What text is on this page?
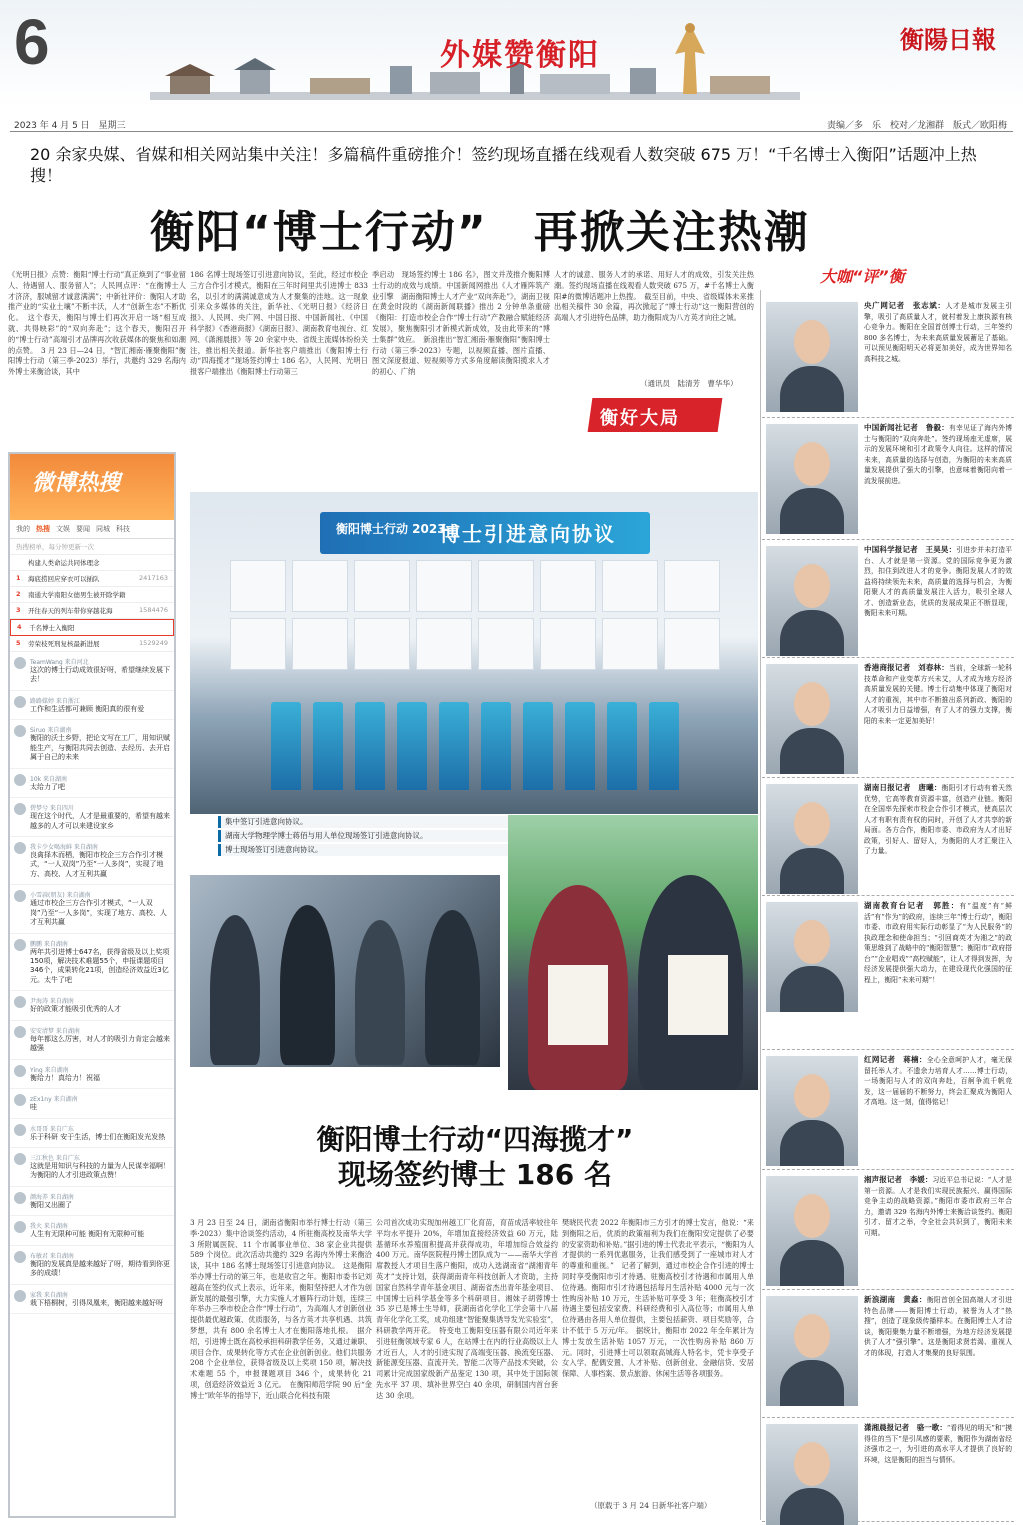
6	外媒赞衡阳	衡陽日報
2023 年 4 月 5 日　星期三	责编／多　乐　校对／龙湘群　版式／欧阳梅
20 余家央媒、省媒和相关网站集中关注！多篇稿件重磅推介！签约现场直播在线观看人数突破 675 万！“千名博士入衡阳”话题冲上热搜！
衡阳“博士行动”　再掀关注热潮
《光明日报》点赞：衡阳“博士行动”真正焕到了“事业留人、待遇留人、服务留人”；人民网点评：“在衡博士人才济济，服城留才诚意满满”；中新社评价：衡阳人才助推产业的“实业土壤”不断丰沃，人才“创新生态”不断优化。　这个春天，衡阳与博士们再次开启一场“相互成就、共得映彩”的“双向奔赴”；这个春天，衡阳召开的“博士行动”高端引才品牌再次收获媒体的聚焦和如潮的点赞。　3 月 23 日—24 日，“智汇湘南·雁聚衡阳”衡阳博士行动（第三季·2023）举行，共邀约 329 名海内外博士来衡洽谈，其中
186 名博士现场签订引进意向协议，至此，经过市校企三方合作引才模式，衡阳在三年时间里共引进博士 833 名，以引才的满满诚意成为人才聚集的洼地。这一现象引来众多媒体的关注，新华社、《光明日报》《经济日报》、人民网、央广网、中国日报、中国新闻社、《中国科学报》《香港商报》《湖南日报》、湖南教育电视台、红网、《潇湘晨报》等 20 余家中央、省级主流媒体纷纷关注，推出相关报道。新华社客户端推出《衡阳博士行动“四海揽才”现场签约博士 186 名》，人民网、光明日报客户端推出《衡阳博士行动第三
季启动　现场签约博士 186 名》，图文并茂推介衡阳博士行动的成效与成绩。中国新闻网推出《人才雁阵筑产业引擎　湖南衡阳博士人才产业“双向奔赴”》，湖南卫视在黄金时段的《湖南新闻联播》推出 2 分钟单条重磅《衡阳：打造市校企合作“博士行动”产教融合赋能经济发展》，聚焦衡阳引才新模式新成效，及由此带来的“博士集群”效应。　新浪推出“智汇湘南·雁聚衡阳”衡阳博士行动（第三季·2023）专题，以视频直播、图片直播、图文深度报道、短视频等方式多角度解读衡阳揽求人才的初心、广纳
人才的诚意、服务人才的承诺、用好人才的成效，引发关注热潮。签约现场直播在线观看人数突破 675 万，#千名博士入衡阳#的微博话题冲上热搜。　截至目前，中央、省级媒体未来推出相关稿件 30 余篇，再次掀起了“博士行动”这一衡阳营创的高端人才引进特色品牌，助力衡阳成为八方英才向往之城。
（通讯员　陆清芳　曹华华）
衡好大局
微博热搜
我的 热搜 文娱 要闻 同城 科技
热搜榜单，每分钟更新一次
构建人类命运共同体理念
1	海底捞回应穿衣可以插队	2417163
2	南通大学南阳女德男生被开除学籍
3	开往春天的列车带你穿越花海	1584476
4	千名博士入衡阳
5	劳荣枝死刑复核最新进展	1529249
TeamWang 来自河北
这次的博士行动成效很好呀，希望继续发展下去！
路路媒婷 来自浙江
工作和生活都可兼顾 衡阳真的很有爱
Siruo 来自湖南
衡阳的沃土乡野，把论文写在工厂，用知识赋能生产，与衡阳共同去创造、去经历、去开启属于自己的未来
10k 来自湖南
太给力了吧
碧梦兮 来自四川
现在这个时代，人才是最重要的，希望有越来越多的人才可以来建设家乡
我卡少女喝海鲜 来自湖南
良禽择木而栖，衡阳市校企三方合作引才模式，“一人双岗”乃至“一人多岗”，实现了地方、高校、人才互利共赢
小雪蒜(朋友) 来自湖南
通过市校企三方合作引才模式，“一人双岗”乃至“一人多岗”，实现了地方、高校、人才互利共赢
鹏鹏 来自湖南
两年共引进博士647名，获得省级及以上奖项150项，解决技术难题55个，申报课题项目346个，成果转化21项，创造经济效益近3亿元。太牛了吧
尹海涛 来自湖南
好的政策才能吸引优秀的人才
安安清梦 来自湖南
每年都这么厉害，对人才的吸引力肯定会越来越强
Ying 来自湖南
衡给力！真给力！祝福
zEx1ny 来自湖南
哇
水哥哥 来自广东
乐于科研 安于生活，博士们在衡阳发光发热
三江秋色 来自广东
这就是用知识与科技的力量为人民谋幸福啊！为衡阳的人才引进政策点赞！
颜海养 来自湖南
衡阳又出圈了
我火 来自湖南
人生有无限种可能 衡阳有无限种可能
布敏君 来自湖南
衡阳的发展真是越来越好了呀，期待看到你更多的成绩！
家我 来自湖南
栽下梧桐树，引得凤凰来，衡阳越来越好呀
衡阳博士行动 2023
博士引进意向协议
集中签订引进意向协议。
湖南大学物理学博士蒋佰与用人单位现场签订引进意向协议。
博士现场签订引进意向协议。
衡阳博士行动“四海揽才”
现场签约博士 186 名
3 月 23 日至 24 日，湖南省衡阳市举行博士行动（第三季·2023）集中洽谈签约活动，4 所驻衡高校及南华大学 3 所附属医院、11 个市属事业单位、38 家企业共提供 589 个岗位。此次活动共邀约 329 名海内外博士来衡洽谈，其中 186 名博士现场签订引进意向协议。　这是衡阳举办博士行动的第三年，也是收官之年。衡阳市委书记刘越高在签约仪式上表示，近年来，衡阳坚持把人才作为创新发展的最强引擎，大力实施人才雁阵行动计划，连续三年举办三季市校企合作“博士行动”，为高端人才创新创业提供最优越政策、优质服务，与各方英才共享机遇、共筑梦想，共有 800 余名博士人才在衡阳落地扎根。　据介绍，引进博士既在高校承担科研教学任务，又通过兼职、项目合作、成果转化等方式在企业创新创业。他们共服务 208 个企业单位，获得省级及以上奖项 150 项，解决技术难题 55 个，申报课题项目 346 个，成果转化 21 项，创造经济效益近 3 亿元。　在衡阳师范学院 90 后“金博士”欧年华的指导下，近山联合化科技有限
公司首次成功实现加州越工厂化育苗，育苗成活率较往年平均水平提升 20%，年增加直接经济效益 60 万元，陆基循环水养殖面积提高并获得成功，年增加综合效益约 400 万元。南华医院程丹博士团队成为一——南华大学首席教授人才项目生落户衡阳，成功入选湖南省“湖湘青年英才”支持计划，获得湖南青年科技创新人才资助，主持国家自然科学青年基金项目、湖南省杰出青年基金项目、中国博士后科学基金等多个科研项目。湘妹子胡蓉博士 35 岁已是博士生导师，获湖南省化学化工学会第十八届青年化学化工奖，成功组建“智能聚集诱导发光实验室”，科研教学两开花。　特变电工衡阳变压器有限公司近年来引进驻衡领域专家 6 人，在站博士在内的行业高级以上人才近百人，人才的引进实现了高端变压器、换流变压器、新能源变压器、直流开关、智能二次等产品技术突破，公司累计完成国家级新产品鉴定 130 项，其中处于国际领先水平 37 项、填补世界空白 40 余项，研制国内首台套达 30 余项。
樊晓民代表 2022 年衡阳市三方引才的博士发言，他说：“来到衡阳之后，优质的政策福利为我们在衡阳安定提供了必要的安家资助和补贴。”据引进的博士代表北平表示，“衡阳为人才提供的一系列优惠服务，让我们感受到了一座城市对人才的尊重和重视。”　记者了解到，通过市校企合作引进的博士同时享受衡阳市引才待遇、驻衡高校引才待遇和市属用人单位待遇。衡阳市引才待遇包括每月生活补贴 4000 元与一次性购房补贴 10 万元，生活补贴可享受 3 年；驻衡高校引才待遇主要包括安家费、科研经费和引入高位等；市属用人单位待遇由各用人单位提供，主要包括薪资、项目奖励等，合计不低于 5 万元/年。　据统计，衡阳市 2022 年全年累计为博士发放生活补贴 1057 万元，一次性购房补贴 860 万元。同时，引进博士可以领取高城海人特名卡，凭卡享受子女入学、配偶安置、人才补贴、创新创业、金融信贷、安居保障、人事档案、景点旅游、休闲生活等各项服务。
（原载于 3 月 24 日新华社客户端）
大咖“评”衡
央广网记者　张志斌：人才是城市发展主引擎，吸引了高质量人才，就村着发上康执源有核心竞争力。衡阳在全国首创博士行动，三年签约 800 多名博士，为未来高质量发展蓄足了基础。可以预见衡阳明天必将更加美好，成为世界知名高科技之城。
中国新闻社记者　鲁毅：有幸见证了海内外博士与衡阳的“双向奔赴”。签约现场座无虚席，展示的发展环境和引才政策令人向往。这样的情况未来，高质量的选择与创造，为衡阳的未来高质量发展提供了强大的引擎，也意味着衡阳向着一流发展前进。
中国科学报记者　王昊昊：引进步并未打造平台、人才就是第一资源。党的国际竞争更为激烈，扣住到改进人才的竞争。衡阳发展人才的效益将持续领先未来，高质量的选择与机会，为衡阳聚人才的高质量发展注入活力，吸引全球人才、创造新业态，优质的发展成果正不断显现，衡阳未来可期。
香港商报记者　刘春林：当前，全球新一轮科技革命和产业变革方兴未艾，人才成为地方经济高质量发展的关键。博士行动集中体现了衡阳对人才的重视，其中市不断推出系列新政、衡阳的人才吸引力日益增强，有了人才的强力支撑，衡阳的未来一定更加美好！
湖南日报记者　唐曦：衡阳引才行动有着天然优势，它高等教育资源丰富，创造产业链。衡阳在全国率先探索市校企合作引才模式，使高层次人才有职有责有权的同时，开创了人才共享的新局面。各方合作，衡阳市委、市政府为人才出好政策，引好人、留好人，为衡阳的人才汇聚注入了力量。
湖南教育台记者　郭胜：有“温度”有“鲜活”有“作为”的政府，连续三年“博士行动”，衡阳市委、市政府用实际行动彰显了“为人民服务”的执政理念和使命担当；“引回商英才为湘之”的政策思维到了战略中的“衡阳智慧”；衡阳市“政府搭台”“企业唱戏”“高校赋能”，让人才得到发挥，为经济发展提供强大动力，在建设现代化强国的征程上，衡阳“未来可期”！
红网记者　蒋楠：全心全意呵护人才，毫无保留托举人才。不遗余力培育人才……博士行动，一场衡阳与人才的双向奔赴，百舸争流千帆竞发，这一届届的不断努力，终会汇聚成为衡阳人才高地。这一刻，值得铭记！
湘声报记者　李媛：习近平总书记说：“人才是第一资源。人才是我们实现民族振兴、赢得国际竞争主动的战略资源。”衡阳市委市政府三年合力，邀请 329 名海内外博士来衡洽谈签约。衡阳引才、留才之举，令全社会共识到了，衡阳未来可期。
新浪湖南　黄淼：衡阳首创全国高端人才引进特色品牌——衡阳博士行动，被誉为人才“热搜”，创造了现象级传播样本。在衡阳博士人才洽谈，衡阳聚集力量不断增强，为地方经济发展提供了人才“强引擎”。这是衡阳求贤若渴、重视人才的体现，打造人才集聚的良好氛围。
潇湘晨报记者　骆一歌：“看得见的明天”和“摸得住的当下”是引凤感的要素，衡阳作为湖南省经济强市之一，为引进的高水平人才提供了良好的环境，这是衡阳的担当与情怀。
